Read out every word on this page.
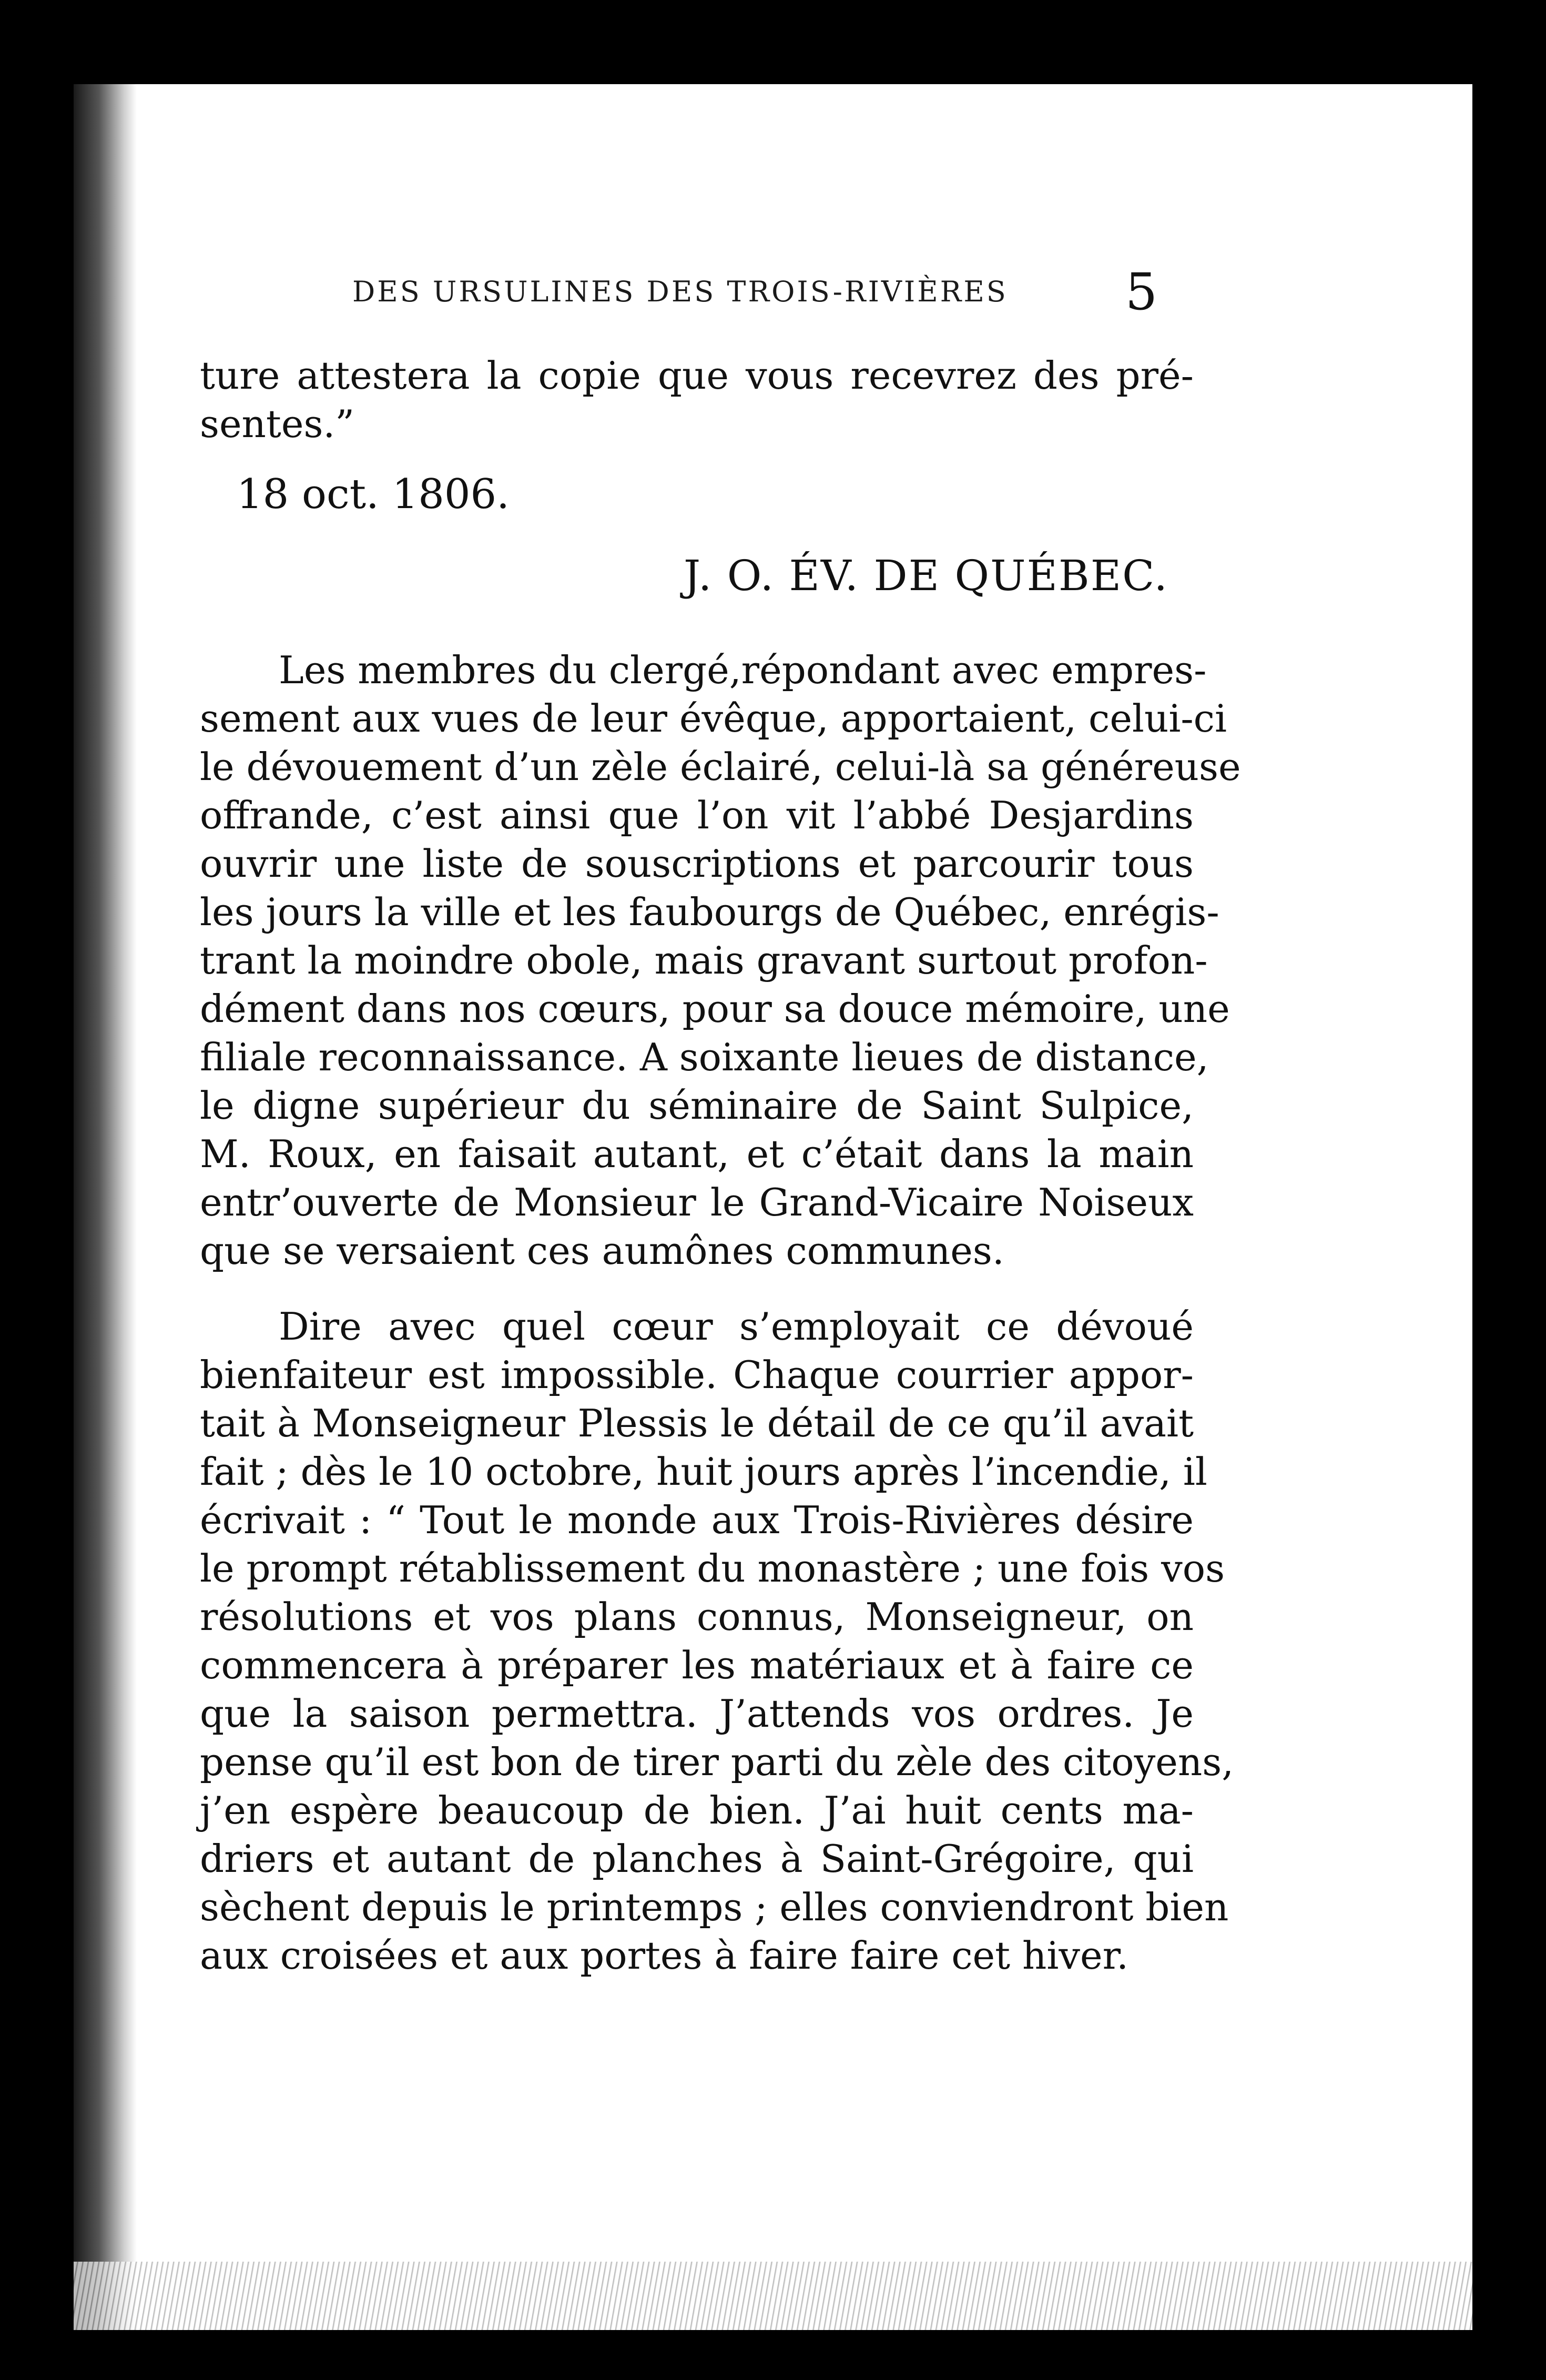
DES URSULINES DES TROIS-RIVIÈRES	5
ture attestera la copie que vous recevrez des pré-
sentes.”
18 oct. 1806.
J. O. ÉV. DE QUÉBEC.
Les membres du clergé,répondant avec empres-
sement aux vues de leur évêque, apportaient, celui-ci
le dévouement d’un zèle éclairé, celui-là sa généreuse
offrande, c’est ainsi que l’on vit l’abbé Desjardins
ouvrir une liste de souscriptions et parcourir tous
les jours la ville et les faubourgs de Québec, enrégis-
trant la moindre obole, mais gravant surtout profon-
dément dans nos cœurs, pour sa douce mémoire, une
filiale reconnaissance. A soixante lieues de distance,
le digne supérieur du séminaire de Saint Sulpice,
M. Roux, en faisait autant, et c’était dans la main
entr’ouverte de Monsieur le Grand-Vicaire Noiseux
que se versaient ces aumônes communes.
Dire avec quel cœur s’employait ce dévoué
bienfaiteur est impossible. Chaque courrier appor-
tait à Monseigneur Plessis le détail de ce qu’il avait
fait ; dès le 10 octobre, huit jours après l’incendie, il
écrivait : “ Tout le monde aux Trois-Rivières désire
le prompt rétablissement du monastère ; une fois vos
résolutions et vos plans connus, Monseigneur, on
commencera à préparer les matériaux et à faire ce
que la saison permettra. J’attends vos ordres. Je
pense qu’il est bon de tirer parti du zèle des citoyens,
j’en espère beaucoup de bien. J’ai huit cents ma-
driers et autant de planches à Saint-Grégoire, qui
sèchent depuis le printemps ; elles conviendront bien
aux croisées et aux portes à faire faire cet hiver.
